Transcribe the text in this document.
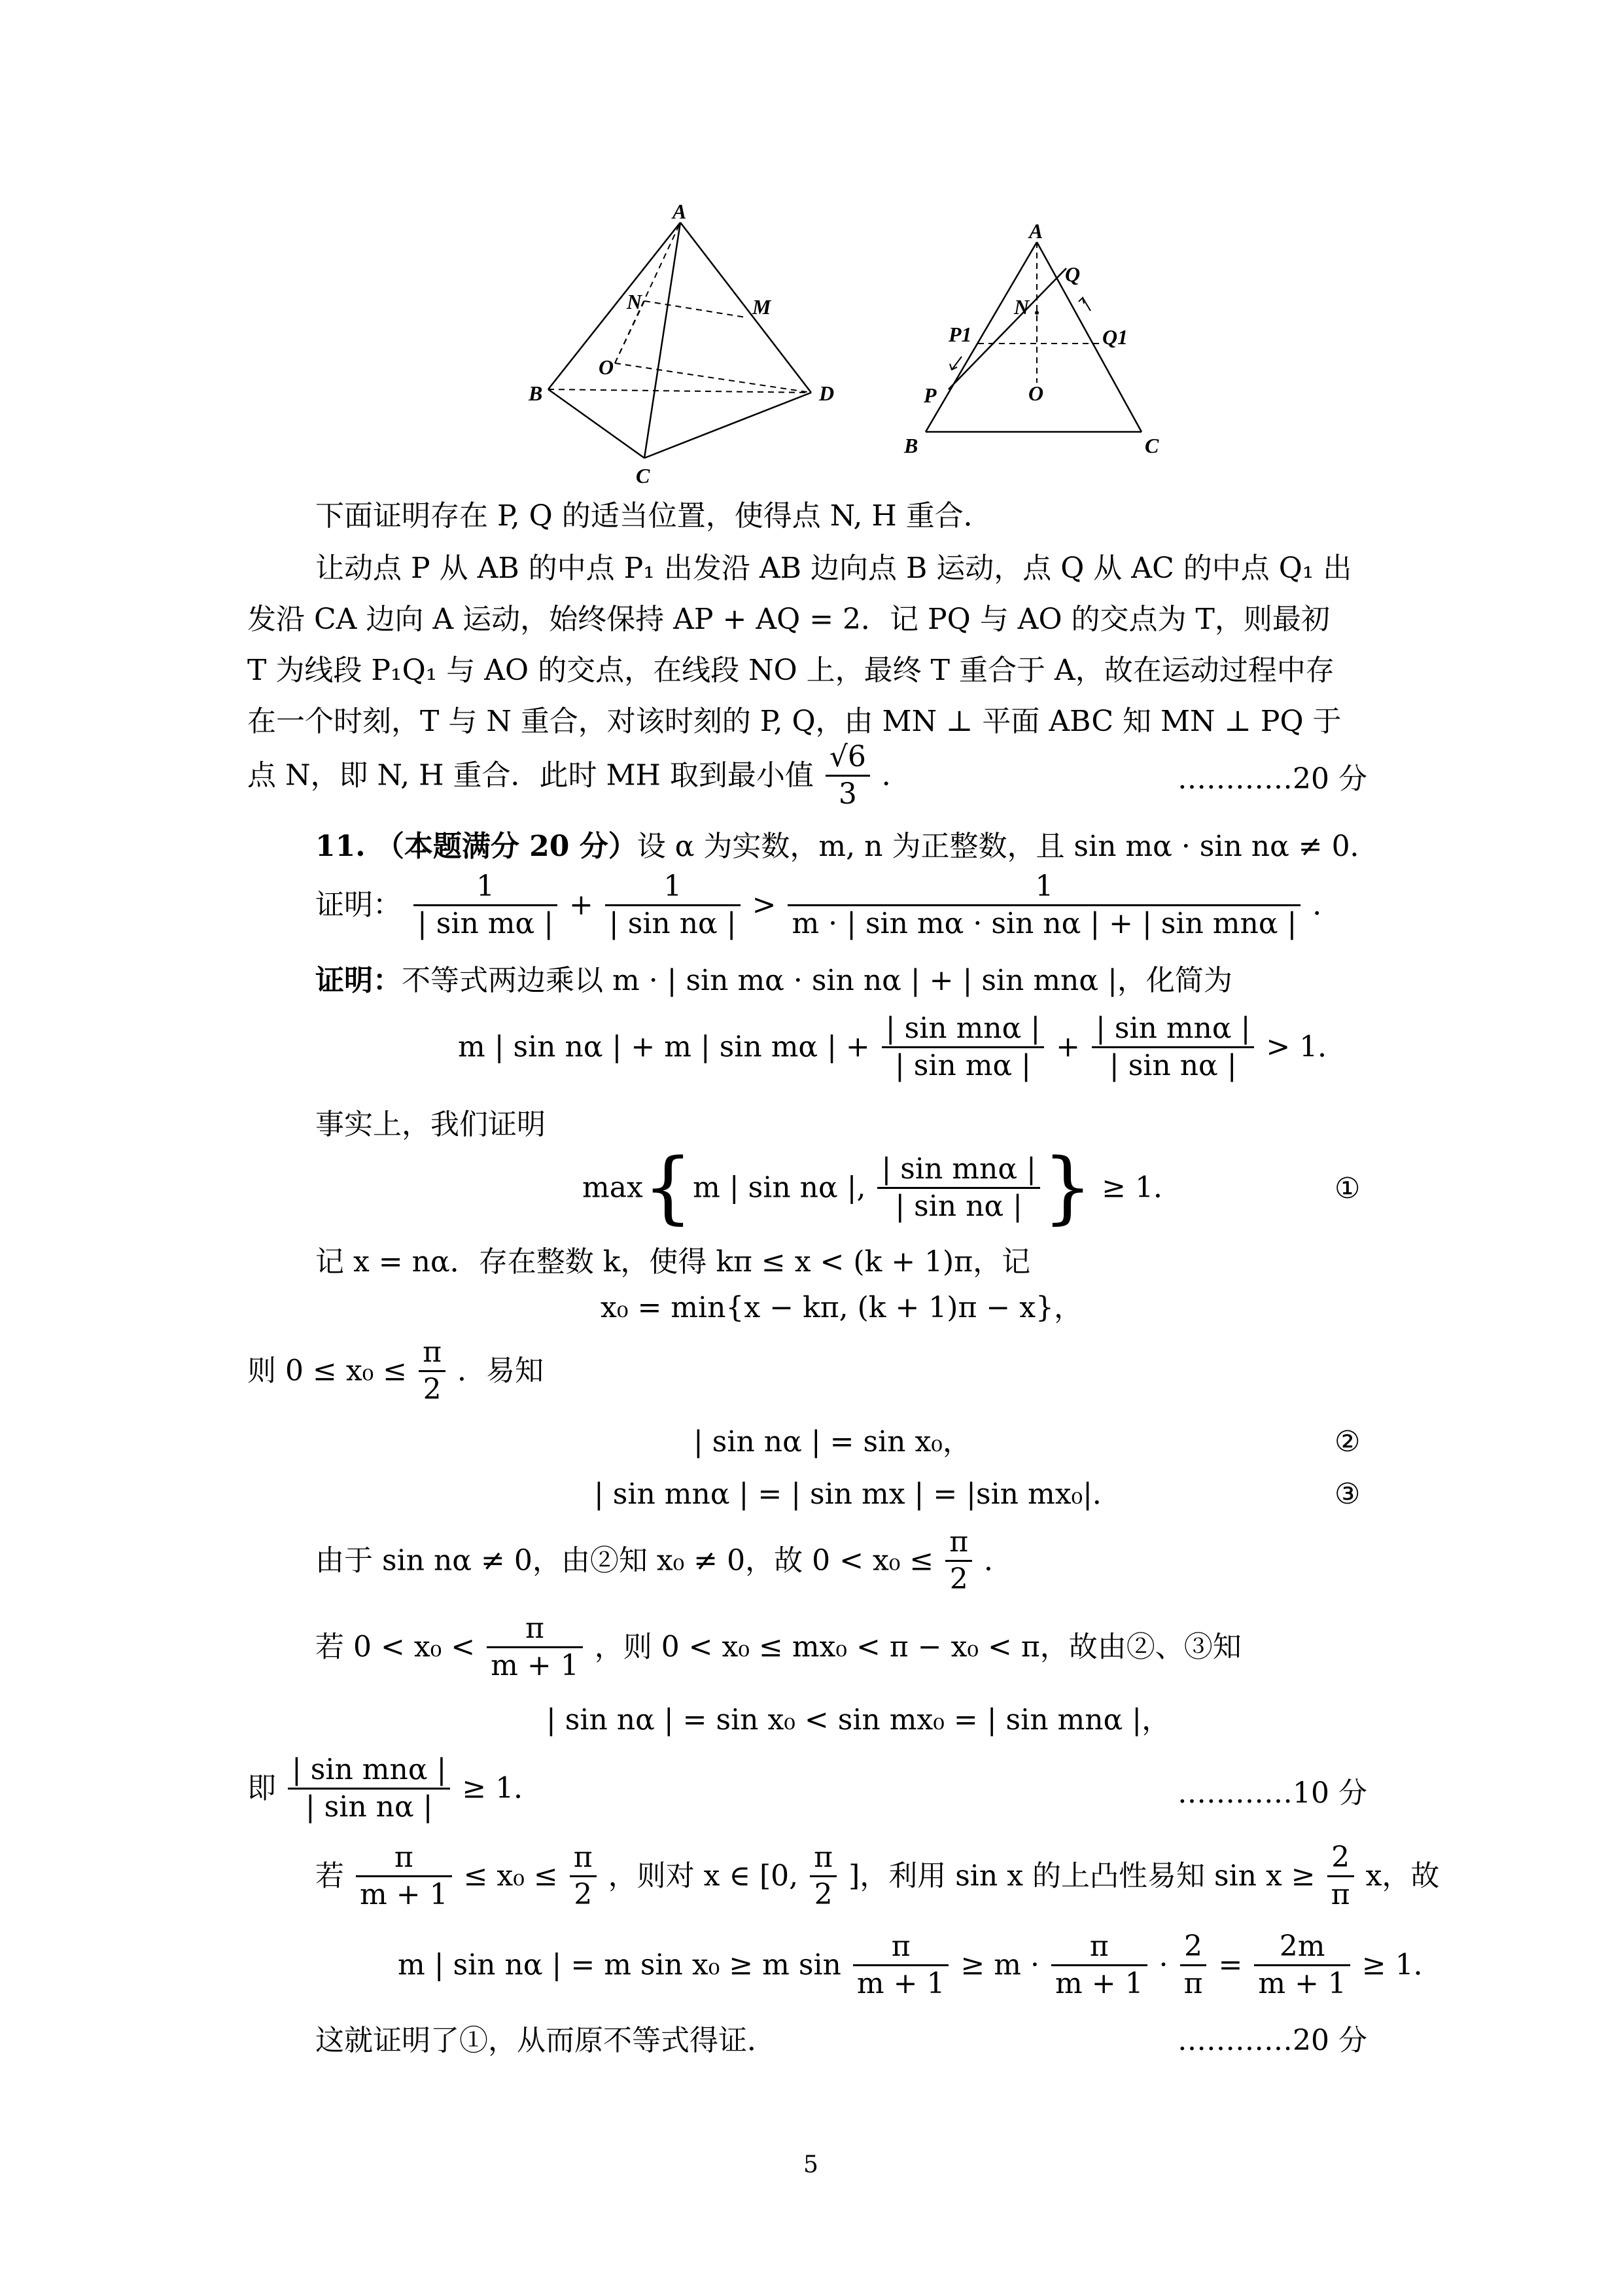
A
N	M
O
B	D
C
A
Q
N
P1	Q1
O
P
B	C
下面证明存在 P, Q 的适当位置，使得点 N, H 重合．
让动点 P 从 AB 的中点 P₁ 出发沿 AB 边向点 B 运动，点 Q 从 AC 的中点 Q₁ 出
发沿 CA 边向 A 运动，始终保持 AP + AQ = 2．记 PQ 与 AO 的交点为 T，则最初
T 为线段 P₁Q₁ 与 AO 的交点，在线段 NO 上，最终 T 重合于 A，故在运动过程中存
在一个时刻，T 与 N 重合，对该时刻的 P, Q，由 MN ⊥ 平面 ABC 知 MN ⊥ PQ 于
点 N，即 N, H 重合．此时 MH 取到最小值 $\frac{√6}{3}$ ．	…………20 分
11. （本题满分 20 分）设 α 为实数，m, n 为正整数，且 sin mα · sin nα ≠ 0．
证明： $\frac{1}{\text{| sin mα |}} + \frac{1}{\text{| sin nα |}} > \frac{1}{\text{m · | sin mα · sin nα | + | sin mnα |}}$ ．
证明：不等式两边乘以 m · | sin mα · sin nα | + | sin mnα |，化简为
m | sin nα | + m | sin mα | + $\frac{\text{| sin mnα |}}{\text{| sin mα |}} + \frac{\text{| sin mnα |}}{\text{| sin nα |}} > 1$．
事实上，我们证明
max{m | sin nα |, $\frac{\text{| sin mnα |}}{\text{| sin nα |}}$ } ≥ 1．	①
记 x = nα．存在整数 k，使得 kπ ≤ x < (k + 1)π，记
x₀ = min{x − kπ, (k + 1)π − x}，
则 $0 \le x_0 \le \frac{\pi}{2}$ ．易知
| sin nα | = sin x₀，	②
| sin mnα | = | sin mx | = |sin mx₀|．	③
由于 sin nα ≠ 0，由②知 x₀ ≠ 0，故 $0 < x_0 \le \frac{\pi}{2}$ ．
若 $0 < x_0 < \frac{\pi}{m + 1}$ ，则 0 < x₀ ≤ mx₀ < π − x₀ < π，故由②、③知
| sin nα | = sin x₀ < sin mx₀ = | sin mnα |，
即 $\frac{\text{| sin mnα |}}{\text{| sin nα |}} \ge 1$．	…………10 分
若 $\frac{\pi}{m + 1} \le x_0 \le \frac{\pi}{2}$ ，则对 x ∈ [0, $\frac{\pi}{2}$ ]，利用 sin x 的上凸性易知 $\sin x \ge \frac{2}{\pi}$ x，故
m | sin nα | = m sin x₀ ≥ m $\sin \frac{\pi}{m + 1} \ge m \cdot \frac{\pi}{m + 1} \cdot \frac{2}{\pi} = \frac{2m}{m + 1} \ge 1$．
这就证明了①，从而原不等式得证．	…………20 分
5
